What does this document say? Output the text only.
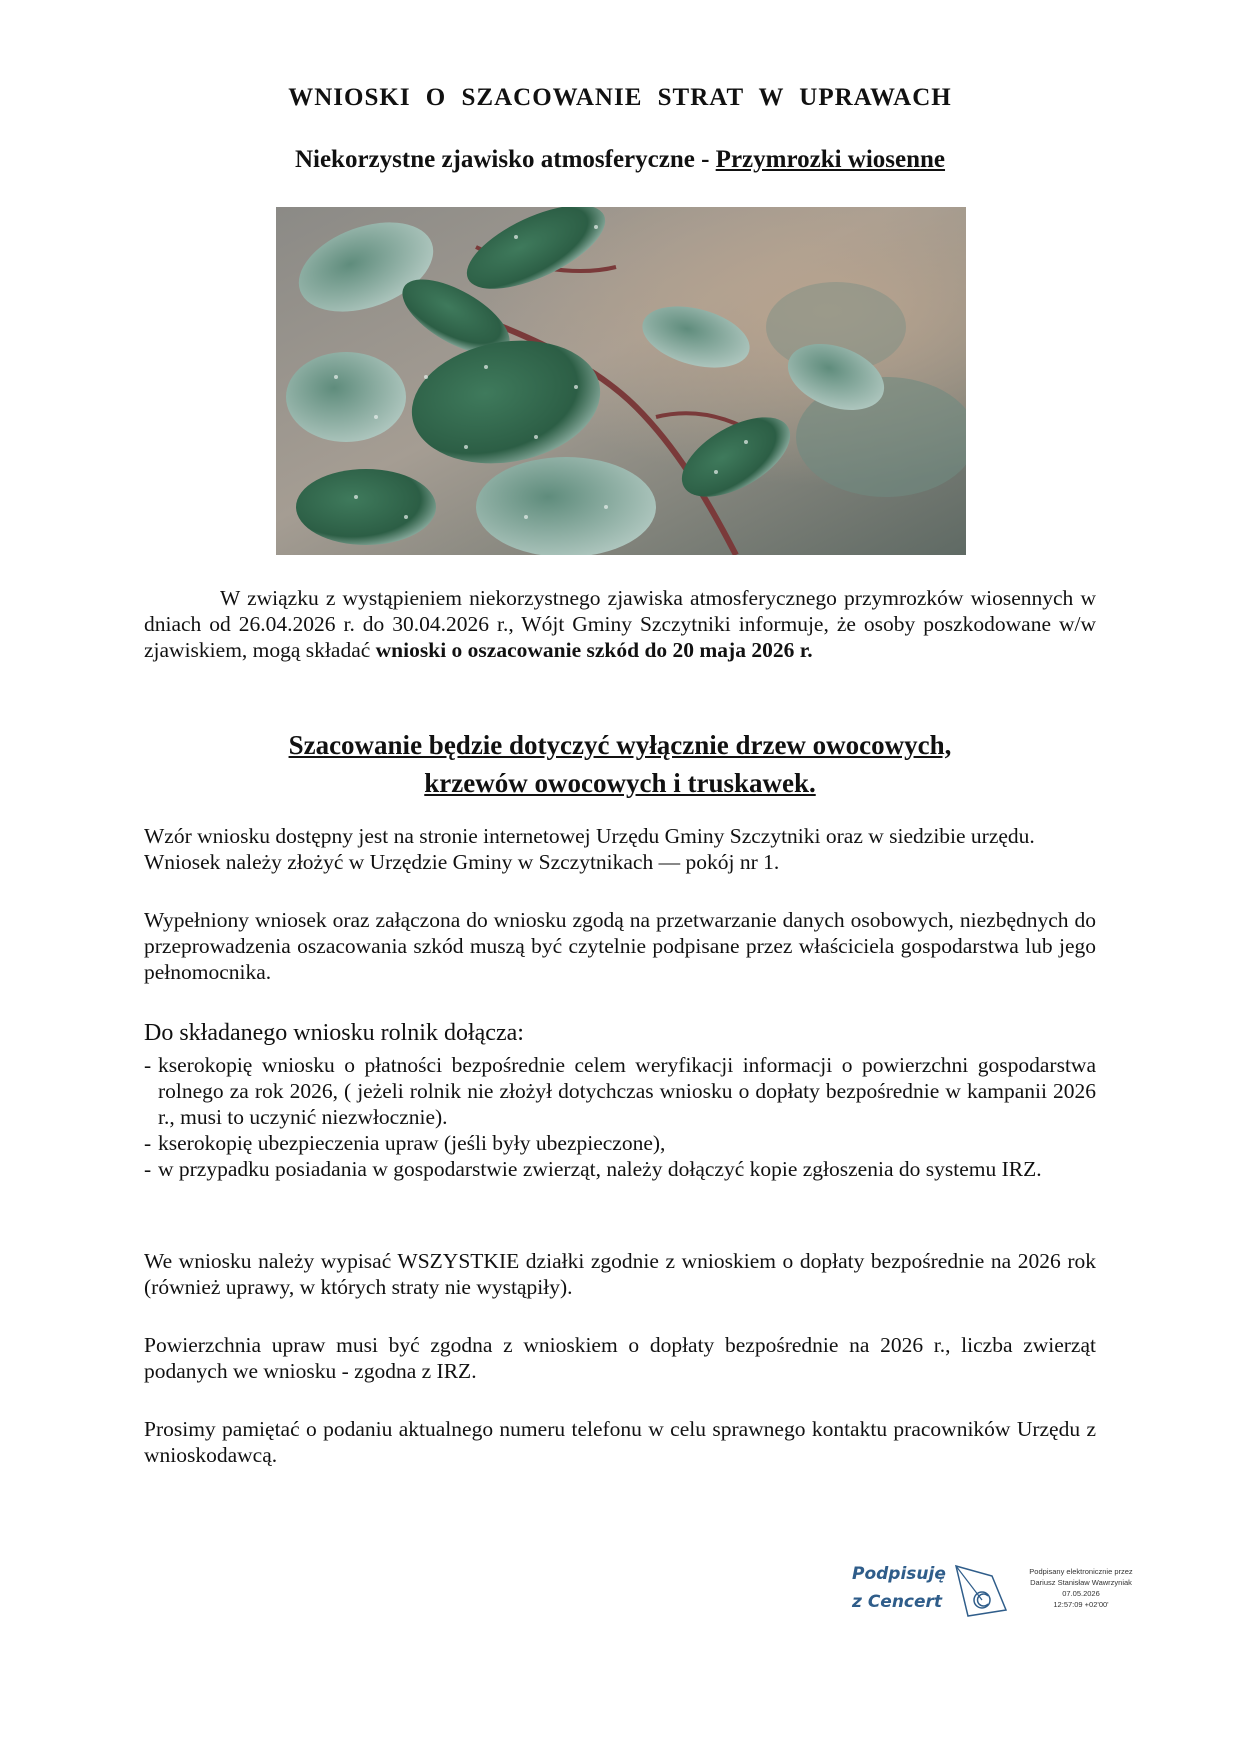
WNIOSKI O SZACOWANIE STRAT W UPRAWACH
Niekorzystne zjawisko atmosferyczne - Przymrozki wiosenne
W związku z wystąpieniem niekorzystnego zjawiska atmosferycznego przymrozków wiosennych w dniach od 26.04.2026 r. do 30.04.2026 r., Wójt Gminy Szczytniki informuje, że osoby poszkodowane w/w zjawiskiem, mogą składać wnioski o oszacowanie szkód do 20 maja 2026 r.
Szacowanie będzie dotyczyć wyłącznie drzew owocowych,
krzewów owocowych i truskawek.
Wzór wniosku dostępny jest na stronie internetowej Urzędu Gminy Szczytniki oraz w siedzibie urzędu. Wniosek należy złożyć w Urzędzie Gminy w Szczytnikach — pokój nr 1.
Wypełniony wniosek oraz załączona do wniosku zgodą na przetwarzanie danych osobowych, niezbędnych do przeprowadzenia oszacowania szkód muszą być czytelnie podpisane przez właściciela gospodarstwa lub jego pełnomocnika.
Do składanego wniosku rolnik dołącza:
- kserokopię wniosku o płatności bezpośrednie celem weryfikacji informacji o powierzchni gospodarstwa rolnego za rok 2026, ( jeżeli rolnik nie złożył dotychczas wniosku o dopłaty bezpośrednie w kampanii 2026 r., musi to uczynić niezwłocznie).
- kserokopię ubezpieczenia upraw (jeśli były ubezpieczone),
- w przypadku posiadania w gospodarstwie zwierząt, należy dołączyć kopie zgłoszenia do systemu IRZ.
We wniosku należy wypisać WSZYSTKIE działki zgodnie z wnioskiem o dopłaty bezpośrednie na 2026 rok (również uprawy, w których straty nie wystąpiły).
Powierzchnia upraw musi być zgodna z wnioskiem o dopłaty bezpośrednie na 2026 r., liczba zwierząt podanych we wniosku - zgodna z IRZ.
Prosimy pamiętać o podaniu aktualnego numeru telefonu w celu sprawnego kontaktu pracowników Urzędu z wnioskodawcą.
Podpisuję
z Cencert
Podpisany elektronicznie przez
Dariusz Stanisław Wawrzyniak
07.05.2026
12:57:09 +02'00'
